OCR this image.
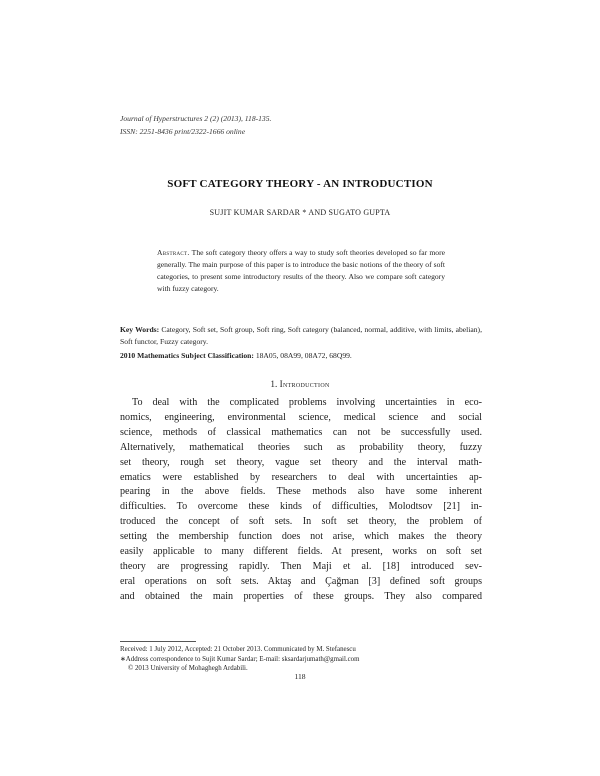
Journal of Hyperstructures 2 (2) (2013), 118-135.
ISSN: 2251-8436 print/2322-1666 online
SOFT CATEGORY THEORY - AN INTRODUCTION
SUJIT KUMAR SARDAR * AND SUGATO GUPTA
Abstract. The soft category theory offers a way to study soft theories developed so far more generally. The main purpose of this paper is to introduce the basic notions of the theory of soft categories, to present some introductory results of the theory. Also we compare soft category with fuzzy category.
Key Words: Category, Soft set, Soft group, Soft ring, Soft category (balanced, normal, additive, with limits, abelian), Soft functor, Fuzzy category.
2010 Mathematics Subject Classification: 18A05, 08A99, 08A72, 68Q99.
1. Introduction
To deal with the complicated problems involving uncertainties in eco-
nomics, engineering, environmental science, medical science and social
science, methods of classical mathematics can not be successfully used.
Alternatively, mathematical theories such as probability theory, fuzzy
set theory, rough set theory, vague set theory and the interval math-
ematics were established by researchers to deal with uncertainties ap-
pearing in the above fields. These methods also have some inherent
difficulties. To overcome these kinds of difficulties, Molodtsov [21] in-
troduced the concept of soft sets. In soft set theory, the problem of
setting the membership function does not arise, which makes the theory
easily applicable to many different fields. At present, works on soft set
theory are progressing rapidly. Then Maji et al. [18] introduced sev-
eral operations on soft sets. Aktaş and Çağman [3] defined soft groups
and obtained the main properties of these groups. They also compared
Received: 1 July 2012, Accepted: 21 October 2013. Communicated by M. Stefanescu
∗Address correspondence to Sujit Kumar Sardar; E-mail: sksardarjumath@gmail.com
© 2013 University of Mohaghegh Ardabili.
118
